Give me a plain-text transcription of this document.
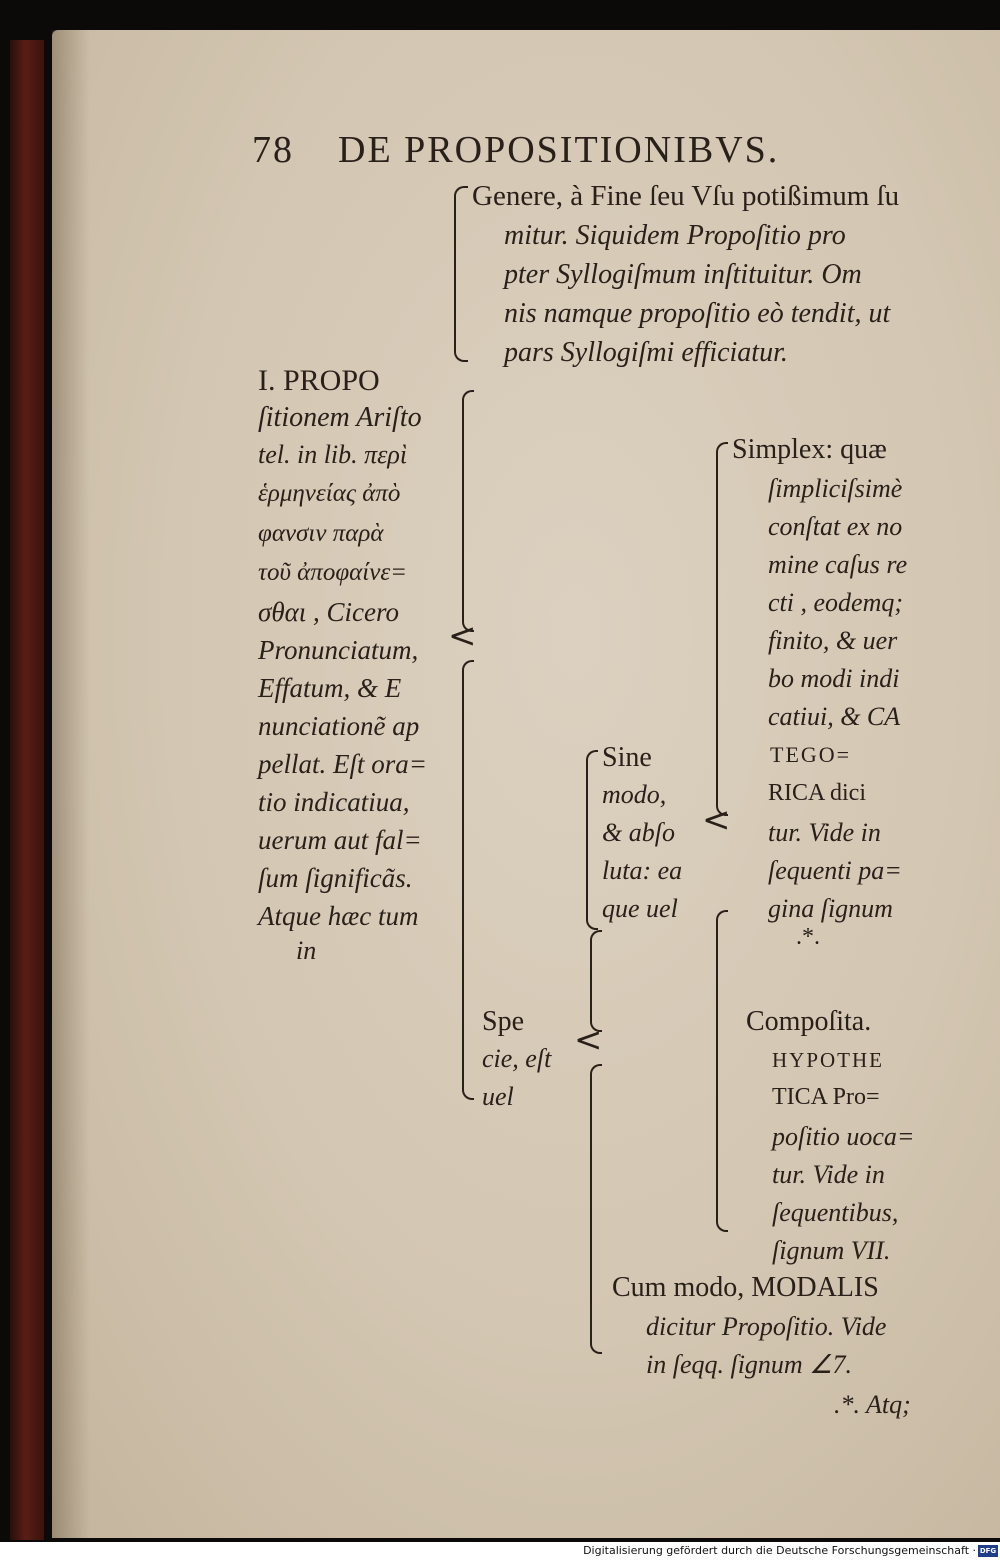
78 DE PROPOSITIONIBVS.
Genere, à Fine ſeu Vſu potißimum ſu
mitur. Siquidem Propoſitio pro
pter Syllogiſmum inſtituitur. Om
nis namque propoſitio eò tendit, ut
pars Syllogiſmi efficiatur.
I. PROPO
ſitionem Ariſto
tel. in lib. περὶ
ἑρμηνείας ἀπὸ
φανσιν παρὰ
τοῦ ἀποφαίνε=
σθαι , Cicero
Pronunciatum,
Effatum, & E
nunciationẽ ap
pellat. Eſt ora=
tio indicatiua,
uerum aut fal=
ſum ſignificãs.
Atque hæc tum
in
<
Simplex: quæ
ſimpliciſsimè
conſtat ex no
mine caſus re
cti , eodemq;
finito, & uer
bo modi indi
catiui, & CA
TEGO=
RICA dici
tur. Vide in
ſequenti pa=
gina ſignum
.*.
Sine
modo,
& abſo
luta: ea
que uel
<
Spe
cie, eſt
uel
<	Compoſita.
HYPOTHE
TICA Pro=
poſitio uoca=
tur. Vide in
ſequentibus,
ſignum VII.
Cum modo, MODALIS
dicitur Propoſitio. Vide
in ſeqq. ſignum ∠7.
.*. Atq;
Digitalisierung gefördert durch die Deutsche Forschungsgemeinschaft · DFG
